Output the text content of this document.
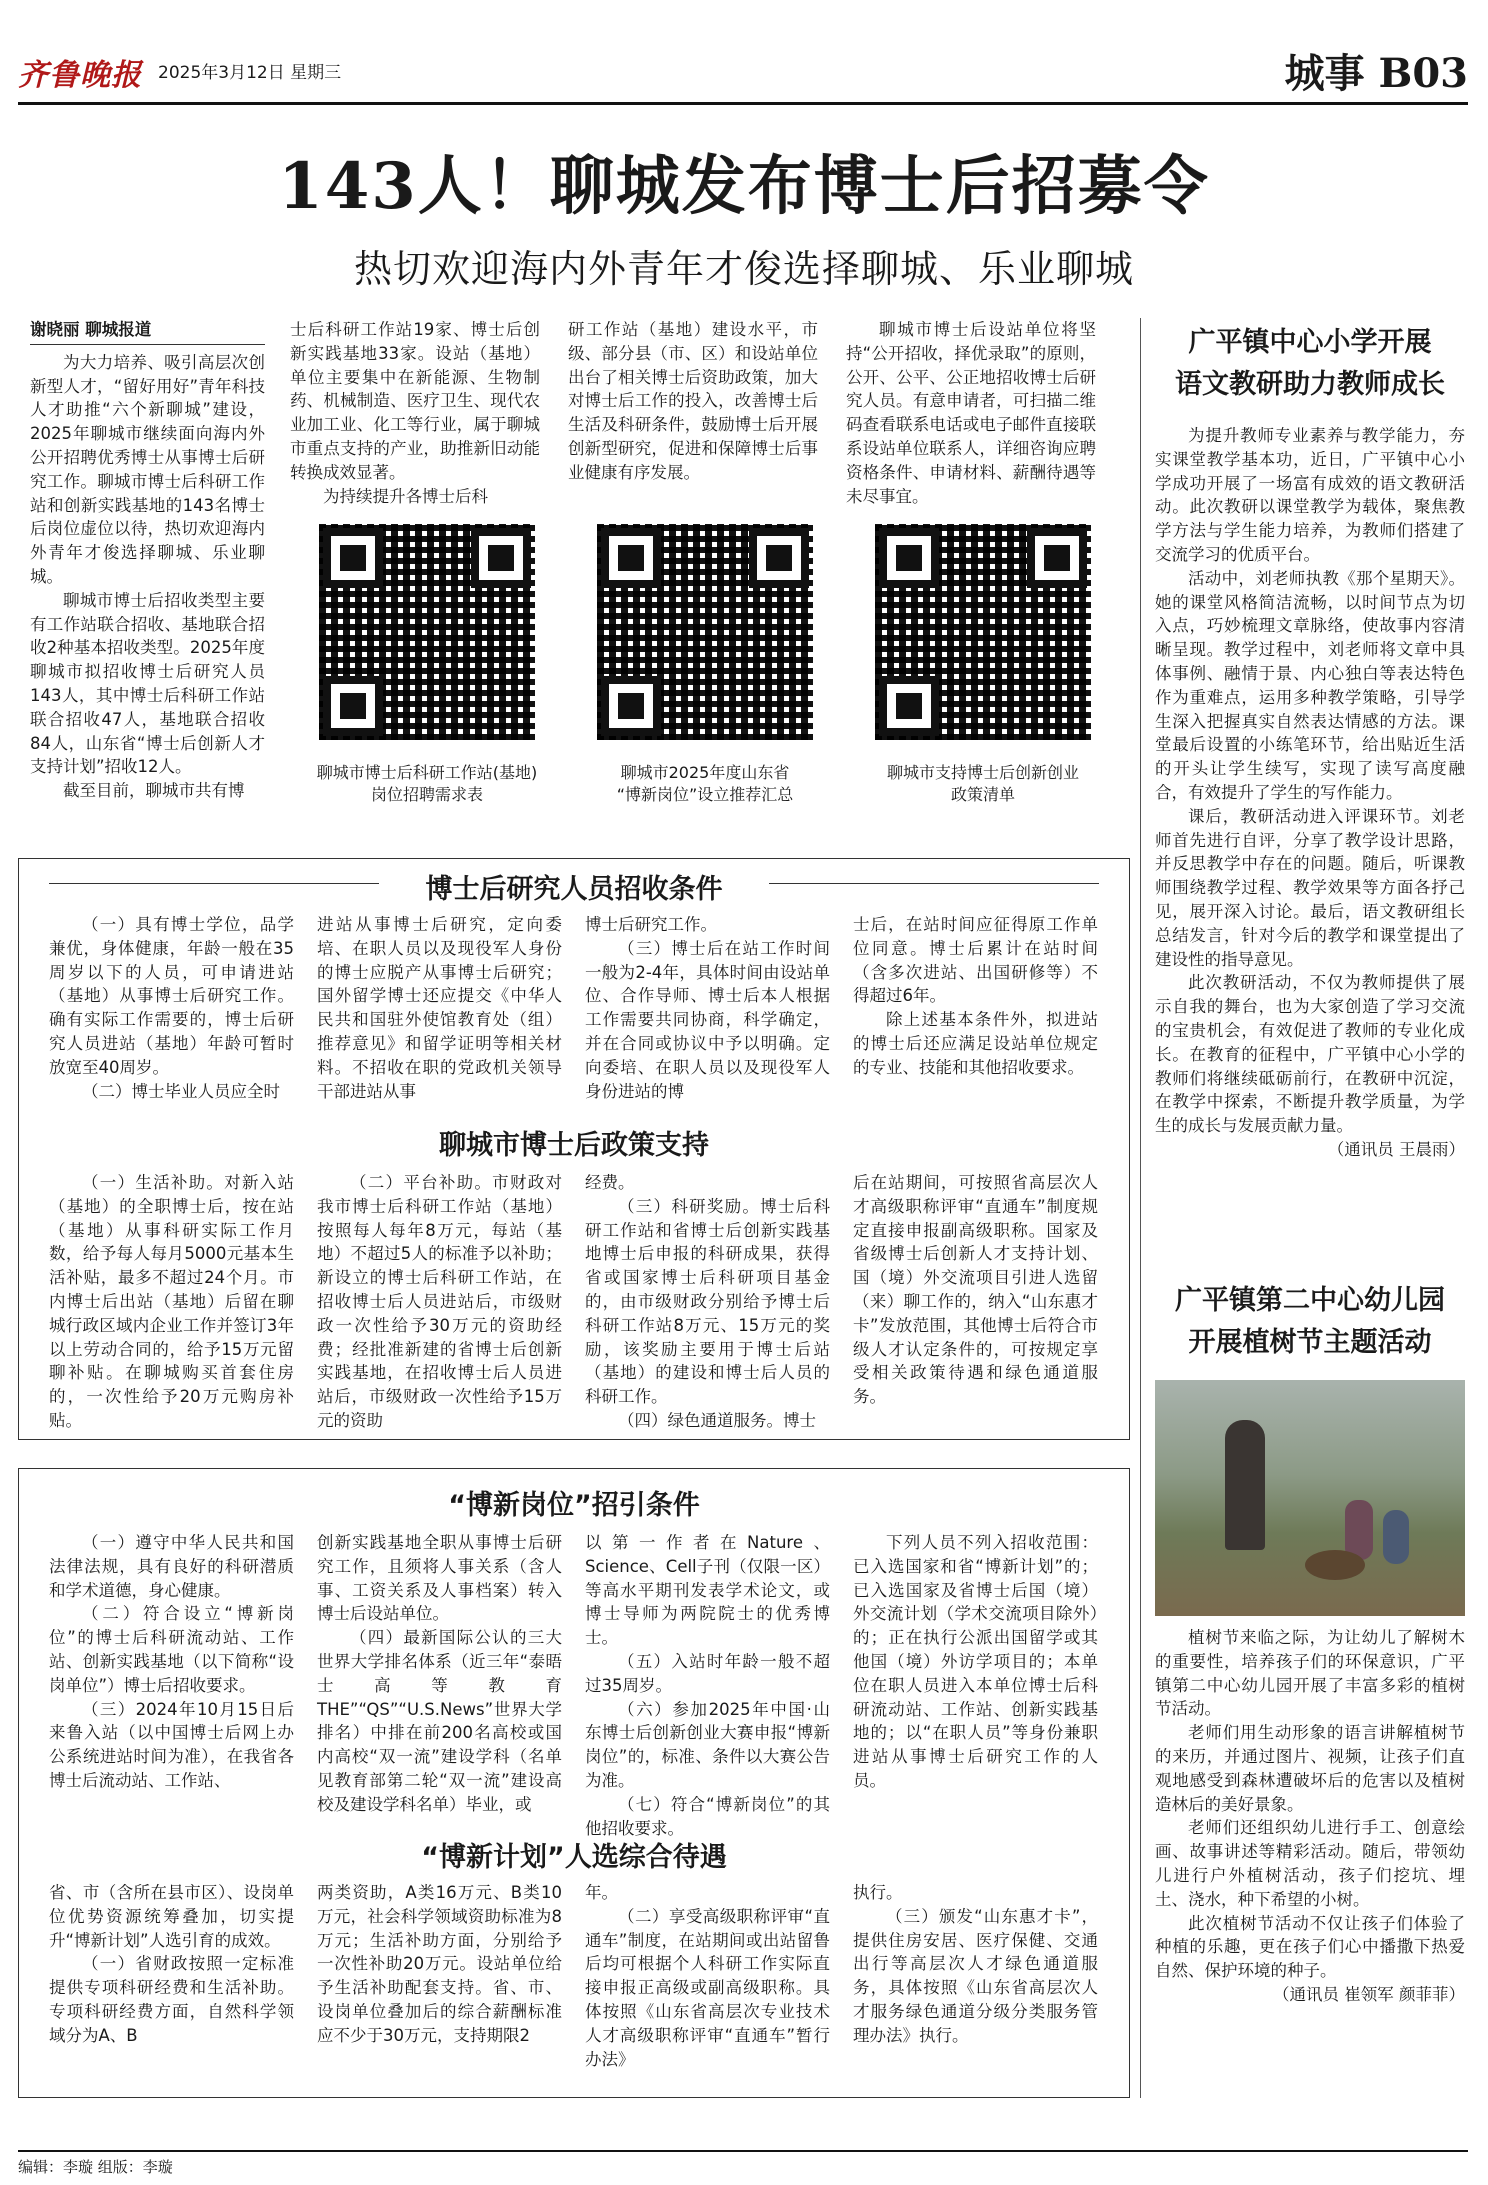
齐鲁晚报 2025年3月12日 星期三	城事 B03
143人！聊城发布博士后招募令
热切欢迎海内外青年才俊选择聊城、乐业聊城
谢晓丽 聊城报道

为大力培养、吸引高层次创新型人才，“留好用好”青年科技人才助推“六个新聊城”建设，2025年聊城市继续面向海内外公开招聘优秀博士从事博士后研究工作。聊城市博士后科研工作站和创新实践基地的143名博士后岗位虚位以待，热切欢迎海内外青年才俊选择聊城、乐业聊城。

聊城市博士后招收类型主要有工作站联合招收、基地联合招收2种基本招收类型。2025年度聊城市拟招收博士后研究人员143人，其中博士后科研工作站联合招收47人，基地联合招收84人，山东省“博士后创新人才支持计划”招收12人。

截至目前，聊城市共有博

士后科研工作站19家、博士后创新实践基地33家。设站（基地）单位主要集中在新能源、生物制药、机械制造、医疗卫生、现代农业加工业、化工等行业，属于聊城市重点支持的产业，助推新旧动能转换成效显著。

为持续提升各博士后科

研工作站（基地）建设水平，市级、部分县（市、区）和设站单位出台了相关博士后资助政策，加大对博士后工作的投入，改善博士后生活及科研条件，鼓励博士后开展创新型研究，促进和保障博士后事业健康有序发展。

聊城市博士后设站单位将坚持“公开招收，择优录取”的原则，公开、公平、公正地招收博士后研究人员。有意申请者，可扫描二维码查看联系电话或电子邮件直接联系设站单位联系人，详细咨询应聘资格条件、申请材料、薪酬待遇等未尽事宜。

聊城市博士后科研工作站(基地)
岗位招聘需求表
聊城市2025年度山东省
“博新岗位”设立推荐汇总
聊城市支持博士后创新创业
政策清单
博士后研究人员招收条件

（一）具有博士学位，品学兼优，身体健康，年龄一般在35周岁以下的人员，可申请进站（基地）从事博士后研究工作。确有实际工作需要的，博士后研究人员进站（基地）年龄可暂时放宽至40周岁。

（二）博士毕业人员应全时

进站从事博士后研究，定向委培、在职人员以及现役军人身份的博士应脱产从事博士后研究；国外留学博士还应提交《中华人民共和国驻外使馆教育处（组）推荐意见》和留学证明等相关材料。不招收在职的党政机关领导干部进站从事

博士后研究工作。

（三）博士后在站工作时间一般为2-4年，具体时间由设站单位、合作导师、博士后本人根据工作需要共同协商，科学确定，并在合同或协议中予以明确。定向委培、在职人员以及现役军人身份进站的博

士后，在站时间应征得原工作单位同意。博士后累计在站时间（含多次进站、出国研修等）不得超过6年。

除上述基本条件外，拟进站的博士后还应满足设站单位规定的专业、技能和其他招收要求。

聊城市博士后政策支持

（一）生活补助。对新入站（基地）的全职博士后，按在站（基地）从事科研实际工作月数，给予每人每月5000元基本生活补贴，最多不超过24个月。市内博士后出站（基地）后留在聊城行政区域内企业工作并签订3年以上劳动合同的，给予15万元留聊补贴。在聊城购买首套住房的，一次性给予20万元购房补贴。

（二）平台补助。市财政对我市博士后科研工作站（基地）按照每人每年8万元，每站（基地）不超过5人的标准予以补助；新设立的博士后科研工作站，在招收博士后人员进站后，市级财政一次性给予30万元的资助经费；经批准新建的省博士后创新实践基地，在招收博士后人员进站后，市级财政一次性给予15万元的资助

经费。

（三）科研奖励。博士后科研工作站和省博士后创新实践基地博士后申报的科研成果，获得省或国家博士后科研项目基金的，由市级财政分别给予博士后科研工作站8万元、15万元的奖励，该奖励主要用于博士后站（基地）的建设和博士后人员的科研工作。

（四）绿色通道服务。博士

后在站期间，可按照省高层次人才高级职称评审“直通车”制度规定直接申报副高级职称。国家及省级博士后创新人才支持计划、国（境）外交流项目引进人选留（来）聊工作的，纳入“山东惠才卡”发放范围，其他博士后符合市级人才认定条件的，可按规定享受相关政策待遇和绿色通道服务。

“博新岗位”招引条件

（一）遵守中华人民共和国法律法规，具有良好的科研潜质和学术道德，身心健康。

（二）符合设立“博新岗位”的博士后科研流动站、工作站、创新实践基地（以下简称“设岗单位”）博士后招收要求。

（三）2024年10月15日后来鲁入站（以中国博士后网上办公系统进站时间为准），在我省各博士后流动站、工作站、

创新实践基地全职从事博士后研究工作，且须将人事关系（含人事、工资关系及人事档案）转入博士后设站单位。

（四）最新国际公认的三大世界大学排名体系（近三年“泰晤士高等教育THE”“QS”“U.S.News”世界大学排名）中排在前200名高校或国内高校“双一流”建设学科（名单见教育部第二轮“双一流”建设高校及建设学科名单）毕业，或

以第一作者在Nature、Science、Cell子刊（仅限一区）等高水平期刊发表学术论文，或博士导师为两院院士的优秀博士。

（五）入站时年龄一般不超过35周岁。

（六）参加2025年中国·山东博士后创新创业大赛申报“博新岗位”的，标准、条件以大赛公告为准。

（七）符合“博新岗位”的其他招收要求。

下列人员不列入招收范围：已入选国家和省“博新计划”的；已入选国家及省博士后国（境）外交流计划（学术交流项目除外）的；正在执行公派出国留学或其他国（境）外访学项目的；本单位在职人员进入本单位博士后科研流动站、工作站、创新实践基地的；以“在职人员”等身份兼职进站从事博士后研究工作的人员。

“博新计划”人选综合待遇

省、市（含所在县市区）、设岗单位优势资源统筹叠加，切实提升“博新计划”人选引育的成效。

（一）省财政按照一定标准提供专项科研经费和生活补助。专项科研经费方面，自然科学领域分为A、B

两类资助，A类16万元、B类10万元，社会科学领域资助标准为8万元；生活补助方面，分别给予一次性补助20万元。设站单位给予生活补助配套支持。省、市、设岗单位叠加后的综合薪酬标准应不少于30万元，支持期限2

年。

（二）享受高级职称评审“直通车”制度，在站期间或出站留鲁后均可根据个人科研工作实际直接申报正高级或副高级职称。具体按照《山东省高层次专业技术人才高级职称评审“直通车”暂行办法》

执行。

（三）颁发“山东惠才卡”，提供住房安居、医疗保健、交通出行等高层次人才绿色通道服务，具体按照《山东省高层次人才服务绿色通道分级分类服务管理办法》执行。

广平镇中心小学开展
语文教研助力教师成长

为提升教师专业素养与教学能力，夯实课堂教学基本功，近日，广平镇中心小学成功开展了一场富有成效的语文教研活动。此次教研以课堂教学为载体，聚焦教学方法与学生能力培养，为教师们搭建了交流学习的优质平台。

活动中，刘老师执教《那个星期天》。她的课堂风格简洁流畅，以时间节点为切入点，巧妙梳理文章脉络，使故事内容清晰呈现。教学过程中，刘老师将文章中具体事例、融情于景、内心独白等表达特色作为重难点，运用多种教学策略，引导学生深入把握真实自然表达情感的方法。课堂最后设置的小练笔环节，给出贴近生活的开头让学生续写，实现了读写高度融合，有效提升了学生的写作能力。

课后，教研活动进入评课环节。刘老师首先进行自评，分享了教学设计思路，并反思教学中存在的问题。随后，听课教师围绕教学过程、教学效果等方面各抒己见，展开深入讨论。最后，语文教研组长总结发言，针对今后的教学和课堂提出了建设性的指导意见。

此次教研活动，不仅为教师提供了展示自我的舞台，也为大家创造了学习交流的宝贵机会，有效促进了教师的专业化成长。在教育的征程中，广平镇中心小学的教师们将继续砥砺前行，在教研中沉淀，在教学中探索，不断提升教学质量，为学生的成长与发展贡献力量。

（通讯员 王晨雨）
广平镇第二中心幼儿园
开展植树节主题活动

植树节来临之际，为让幼儿了解树木的重要性，培养孩子们的环保意识，广平镇第二中心幼儿园开展了丰富多彩的植树节活动。

老师们用生动形象的语言讲解植树节的来历，并通过图片、视频，让孩子们直观地感受到森林遭破坏后的危害以及植树造林后的美好景象。

老师们还组织幼儿进行手工、创意绘画、故事讲述等精彩活动。随后，带领幼儿进行户外植树活动，孩子们挖坑、埋土、浇水，种下希望的小树。

此次植树节活动不仅让孩子们体验了种植的乐趣，更在孩子们心中播撒下热爱自然、保护环境的种子。

（通讯员 崔领军 颜菲菲）
编辑：李璇 组版：李璇
